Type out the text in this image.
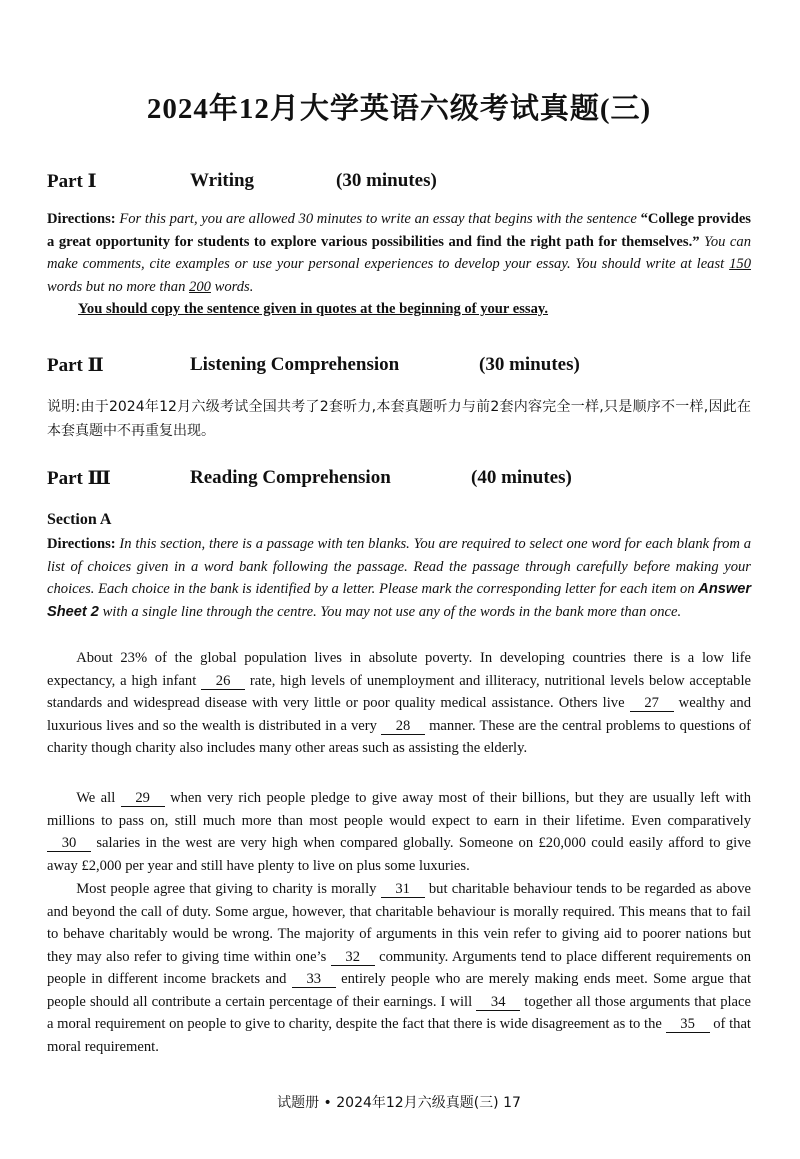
2024年12月大学英语六级考试真题(三)
Part Ⅰ	Writing	(30 minutes)

Directions: For this part, you are allowed 30 minutes to write an essay that begins with the sentence “College provides a great opportunity for students to explore various possibilities and find the right path for themselves.” You can make comments, cite examples or use your personal experiences to develop your essay. You should write at least 150 words but no more than 200 words.

You should copy the sentence given in quotes at the beginning of your essay.

Part Ⅱ	Listening Comprehension	(30 minutes)

说明:由于2024年12月六级考试全国共考了2套听力,本套真题听力与前2套内容完全一样,只是顺序不一样,因此在本套真题中不再重复出现。

Part Ⅲ	Reading Comprehension	(40 minutes)
Section A

Directions: In this section, there is a passage with ten blanks. You are required to select one word for each blank from a list of choices given in a word bank following the passage. Read the passage through carefully before making your choices. Each choice in the bank is identified by a letter. Please mark the corresponding letter for each item on Answer Sheet 2 with a single line through the centre. You may not use any of the words in the bank more than once.

About 23% of the global population lives in absolute poverty. In developing countries there is a low life expectancy, a high infant 26 rate, high levels of unemployment and illiteracy, nutritional levels below acceptable standards and widespread disease with very little or poor quality medical assistance. Others live 27 wealthy and luxurious lives and so the wealth is distributed in a very 28 manner. These are the central problems to questions of charity though charity also includes many other areas such as assisting the elderly.

We all 29 when very rich people pledge to give away most of their billions, but they are usually left with millions to pass on, still much more than most people would expect to earn in their lifetime. Even comparatively 30 salaries in the west are very high when compared globally. Someone on £20,000 could easily afford to give away £2,000 per year and still have plenty to live on plus some luxuries.

Most people agree that giving to charity is morally 31 but charitable behaviour tends to be regarded as above and beyond the call of duty. Some argue, however, that charitable behaviour is morally required. This means that to fail to behave charitably would be wrong. The majority of arguments in this vein refer to giving aid to poorer nations but they may also refer to giving time within one’s 32 community. Arguments tend to place different requirements on people in different income brackets and 33 entirely people who are merely making ends meet. Some argue that people should all contribute a certain percentage of their earnings. I will 34 together all those arguments that place a moral requirement on people to give to charity, despite the fact that there is wide disagreement as to the 35 of that moral requirement.

试题册 • 2024年12月六级真题(三) 17
